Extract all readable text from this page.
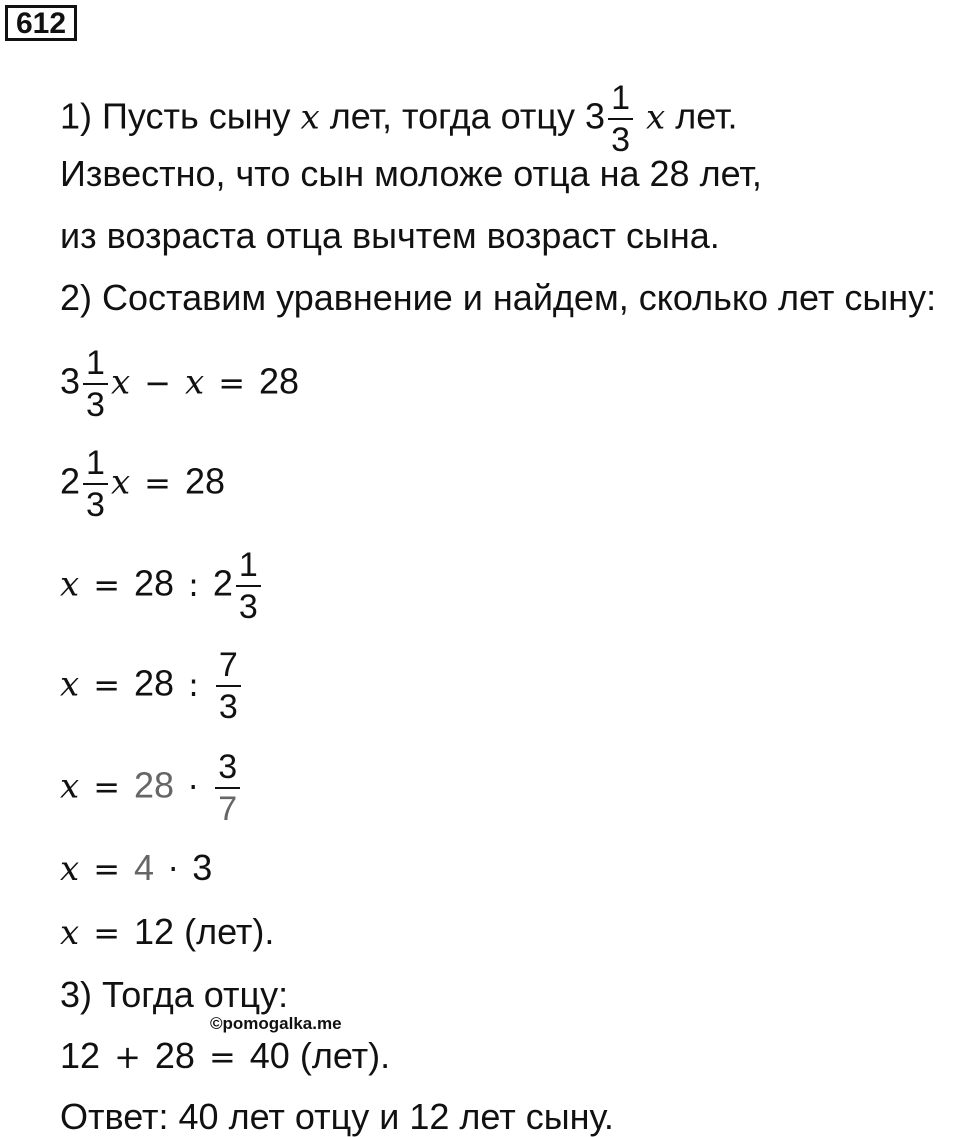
612
1) Пусть сыну x лет, тогда отцу $3 \frac{1}{3}$ x лет.
Известно, что сын моложе отца на 28 лет,
из возраста отца вычтем возраст сына.
2) Составим уравнение и найдем, сколько лет сыну:
$3 \frac{1}{3}$ x − x = 28
$2 \frac{1}{3}$ x = 28
x = 28 : $2 \frac{1}{3}$
x = 28 : $\frac{7}{3}$
$x = 28 \cdot \frac{3}{7}$
x = 4 · 3
x = 12 (лет).
3) Тогда отцу:
©pomogalka.me
12 + 28 = 40 (лет).
Ответ: 40 лет отцу и 12 лет сыну.
